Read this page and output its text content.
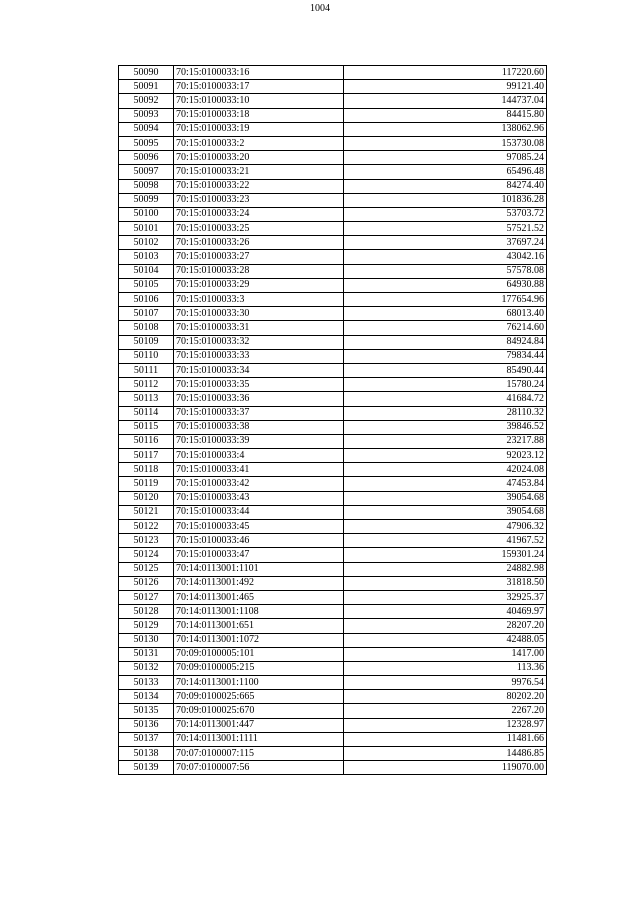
1004
50090	70:15:0100033:16	117220.60
50091	70:15:0100033:17	99121.40
50092	70:15:0100033:10	144737.04
50093	70:15:0100033:18	84415.80
50094	70:15:0100033:19	138062.96
50095	70:15:0100033:2	153730.08
50096	70:15:0100033:20	97085.24
50097	70:15:0100033:21	65496.48
50098	70:15:0100033:22	84274.40
50099	70:15:0100033:23	101836.28
50100	70:15:0100033:24	53703.72
50101	70:15:0100033:25	57521.52
50102	70:15:0100033:26	37697.24
50103	70:15:0100033:27	43042.16
50104	70:15:0100033:28	57578.08
50105	70:15:0100033:29	64930.88
50106	70:15:0100033:3	177654.96
50107	70:15:0100033:30	68013.40
50108	70:15:0100033:31	76214.60
50109	70:15:0100033:32	84924.84
50110	70:15:0100033:33	79834.44
50111	70:15:0100033:34	85490.44
50112	70:15:0100033:35	15780.24
50113	70:15:0100033:36	41684.72
50114	70:15:0100033:37	28110.32
50115	70:15:0100033:38	39846.52
50116	70:15:0100033:39	23217.88
50117	70:15:0100033:4	92023.12
50118	70:15:0100033:41	42024.08
50119	70:15:0100033:42	47453.84
50120	70:15:0100033:43	39054.68
50121	70:15:0100033:44	39054.68
50122	70:15:0100033:45	47906.32
50123	70:15:0100033:46	41967.52
50124	70:15:0100033:47	159301.24
50125	70:14:0113001:1101	24882.98
50126	70:14:0113001:492	31818.50
50127	70:14:0113001:465	32925.37
50128	70:14:0113001:1108	40469.97
50129	70:14:0113001:651	28207.20
50130	70:14:0113001:1072	42488.05
50131	70:09:0100005:101	1417.00
50132	70:09:0100005:215	113.36
50133	70:14:0113001:1100	9976.54
50134	70:09:0100025:665	80202.20
50135	70:09:0100025:670	2267.20
50136	70:14:0113001:447	12328.97
50137	70:14:0113001:1111	11481.66
50138	70:07:0100007:115	14486.85
50139	70:07:0100007:56	119070.00
